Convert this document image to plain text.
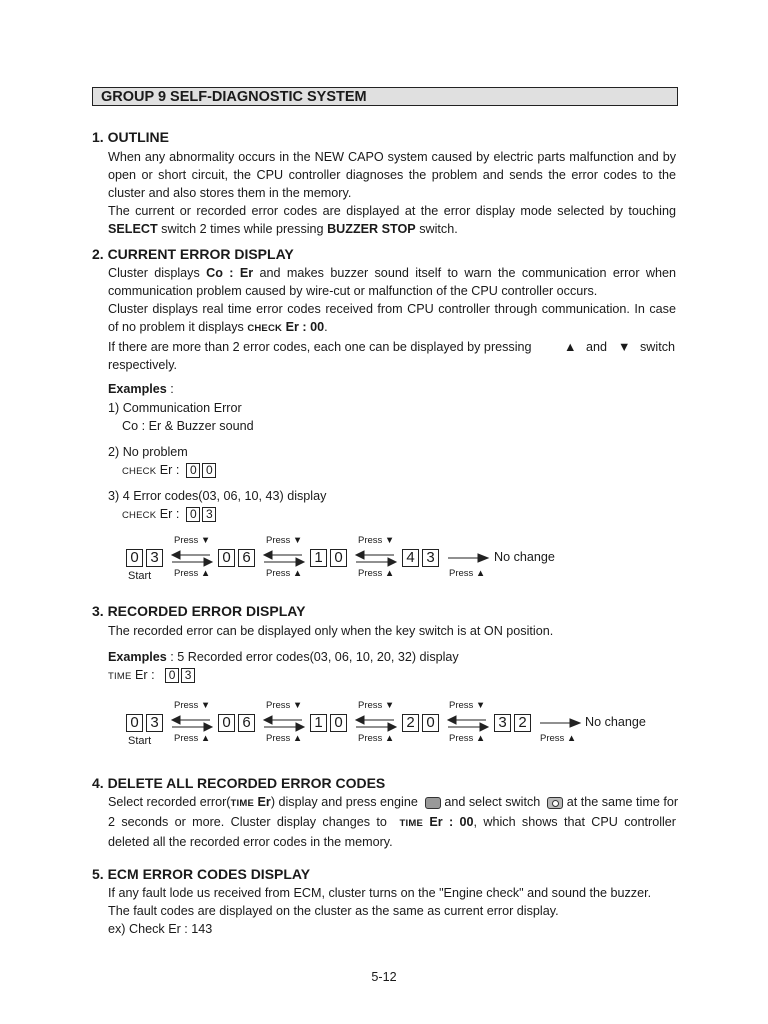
GROUP 9 SELF-DIAGNOSTIC SYSTEM
1. OUTLINE
When any abnormality occurs in the NEW CAPO system caused by electric parts malfunction and by
open or short circuit, the CPU controller diagnoses the problem and sends the error codes to the
cluster and also stores them in the memory.
The current or recorded error codes are displayed at the error display mode selected by touching
SELECT switch 2 times while pressing BUZZER STOP switch.
2. CURRENT ERROR DISPLAY
Cluster displays Co : Er and makes buzzer sound itself to warn the communication error when
communication problem caused by wire-cut or malfunction of the CPU controller occurs.
Cluster displays real time error codes received from CPU controller through communication. In case
of no problem it displays CHECK Er : 00.
If there are more than 2 error codes, each one can be displayed by pressing	▲ and ▼ switch
respectively.
Examples :
1) Communication Error
Co : Er & Buzzer sound
2) No problem
CHECK Er : 0 0
3) 4 Error codes(03, 06, 10, 43) display
CHECK Er : 0 3
0 3	0 6	1 0	4 3
Press ▼	Press ▼	Press ▼
Press ▲	Press ▲	Press ▲	Press ▲
Start
No change
3. RECORDED ERROR DISPLAY
The recorded error can be displayed only when the key switch is at ON position.
Examples : 5 Recorded error codes(03, 06, 10, 20, 32) display
TIME Er : 0 3
0 3	0 6	1 0	2 0	3 2
Press ▼	Press ▼	Press ▼	Press ▼
Press ▲	Press ▲	Press ▲	Press ▲	Press ▲
Start
No change
4. DELETE ALL RECORDED ERROR CODES
Select recorded error(TIME Er) display and press engine and select switch at the same time for
2 seconds or more. Cluster display changes to TIME Er : 00, which shows that CPU controller
deleted all the recorded error codes in the memory.
5. ECM ERROR CODES DISPLAY
If any fault lode us received from ECM, cluster turns on the "Engine check" and sound the buzzer.
The fault codes are displayed on the cluster as the same as current error display.
ex) Check Er : 143
5-12
